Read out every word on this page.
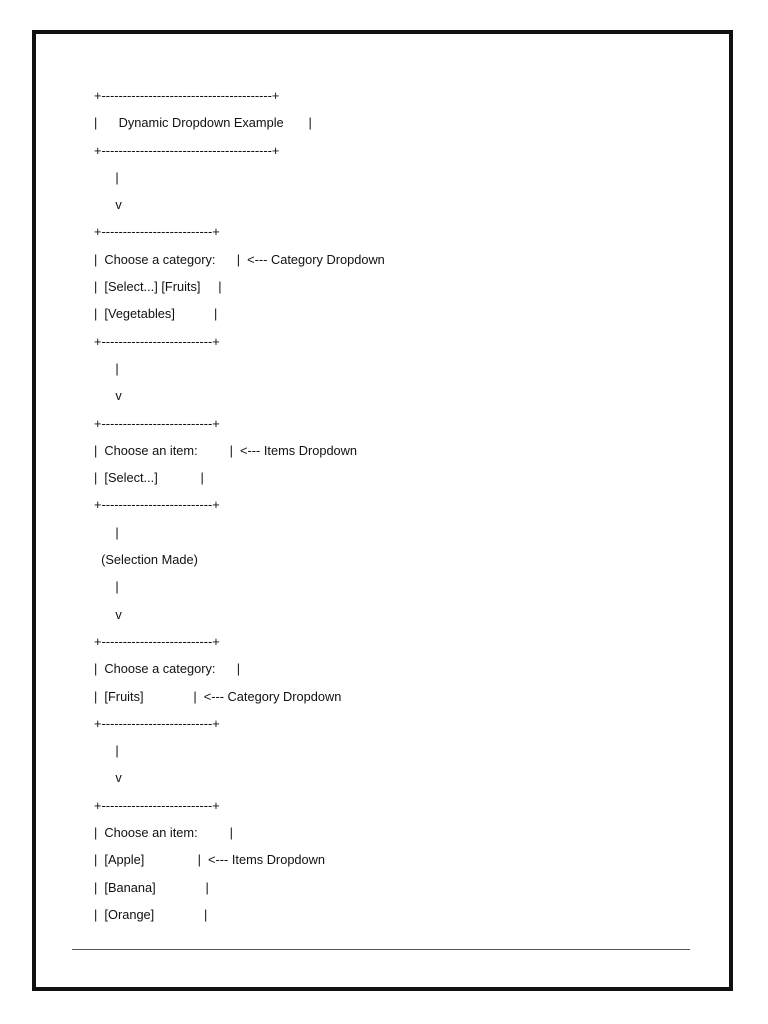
+----------------------------------------+
|      Dynamic Dropdown Example       |
+----------------------------------------+
|
v
+--------------------------+
|  Choose a category:      |  <--- Category Dropdown
|  [Select...] [Fruits]     |
|  [Vegetables]           |
+--------------------------+
|
v
+--------------------------+
|  Choose an item:         |  <--- Items Dropdown
|  [Select...]            |
+--------------------------+
|
(Selection Made)
|
v
+--------------------------+
|  Choose a category:      |
|  [Fruits]              |  <--- Category Dropdown
+--------------------------+
|
v
+--------------------------+
|  Choose an item:         |
|  [Apple]               |  <--- Items Dropdown
|  [Banana]              |
|  [Orange]              |
